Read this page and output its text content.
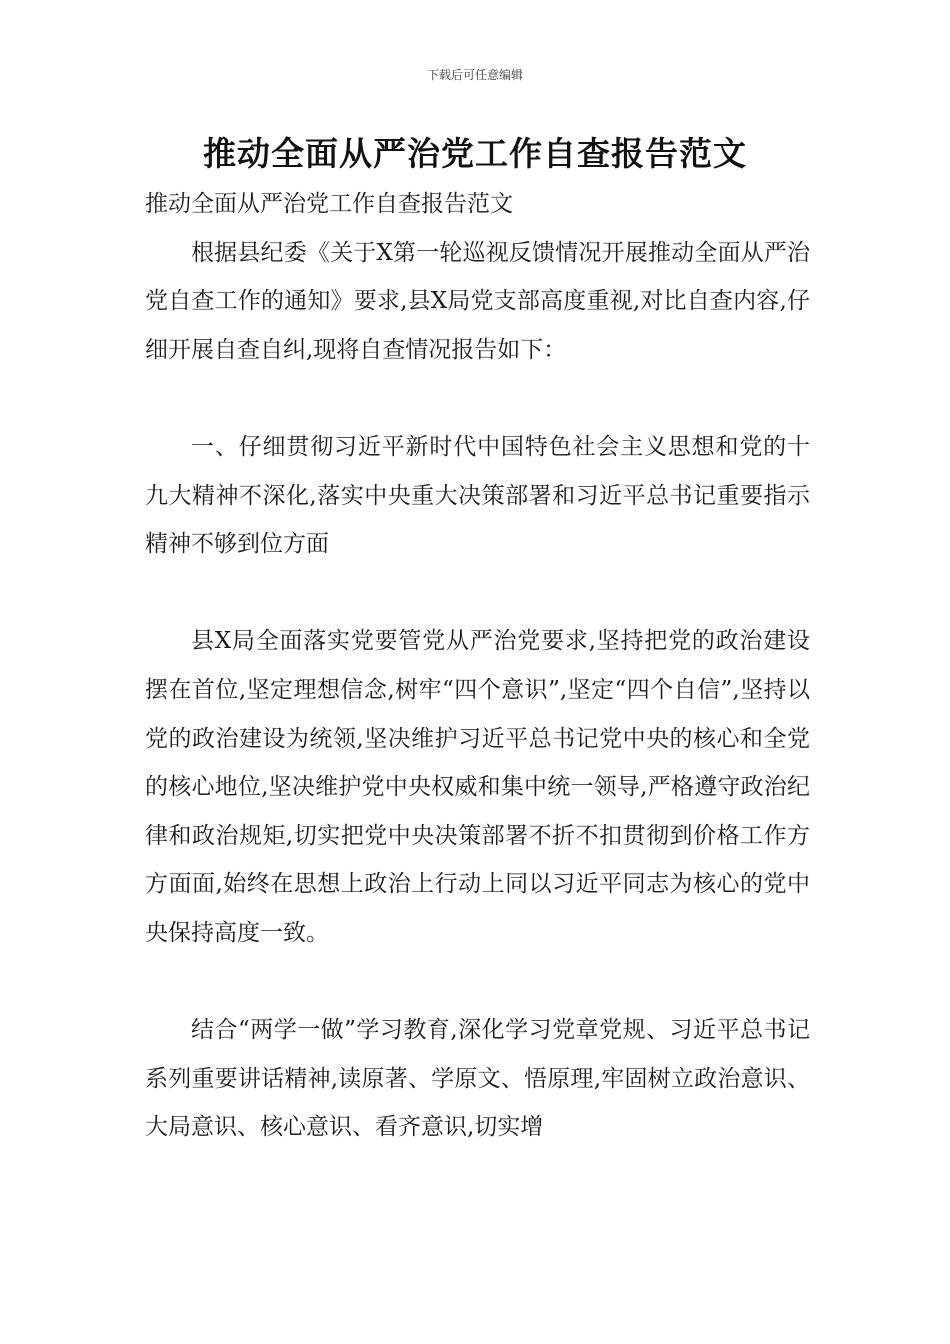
下载后可任意编辑
推动全面从严治党工作自查报告范文

推动全面从严治党工作自查报告范文

根据县纪委《关于X第一轮巡视反馈情况开展推动全面从严治党自查工作的通知》要求,县X局党支部高度重视,对比自查内容,仔细开展自查自纠,现将自查情况报告如下：

一、仔细贯彻习近平新时代中国特色社会主义思想和党的十九大精神不深化,落实中央重大决策部署和习近平总书记重要指示精神不够到位方面

县X局全面落实党要管党从严治党要求,坚持把党的政治建设摆在首位,坚定理想信念,树牢“四个意识”,坚定“四个自信”,坚持以党的政治建设为统领,坚决维护习近平总书记党中央的核心和全党的核心地位,坚决维护党中央权威和集中统一领导,严格遵守政治纪律和政治规矩,切实把党中央决策部署不折不扣贯彻到价格工作方方面面,始终在思想上政治上行动上同以习近平同志为核心的党中央保持高度一致。

结合“两学一做”学习教育,深化学习党章党规、习近平总书记系列重要讲话精神,读原著、学原文、悟原理,牢固树立政治意识、大局意识、核心意识、看齐意识,切实增
